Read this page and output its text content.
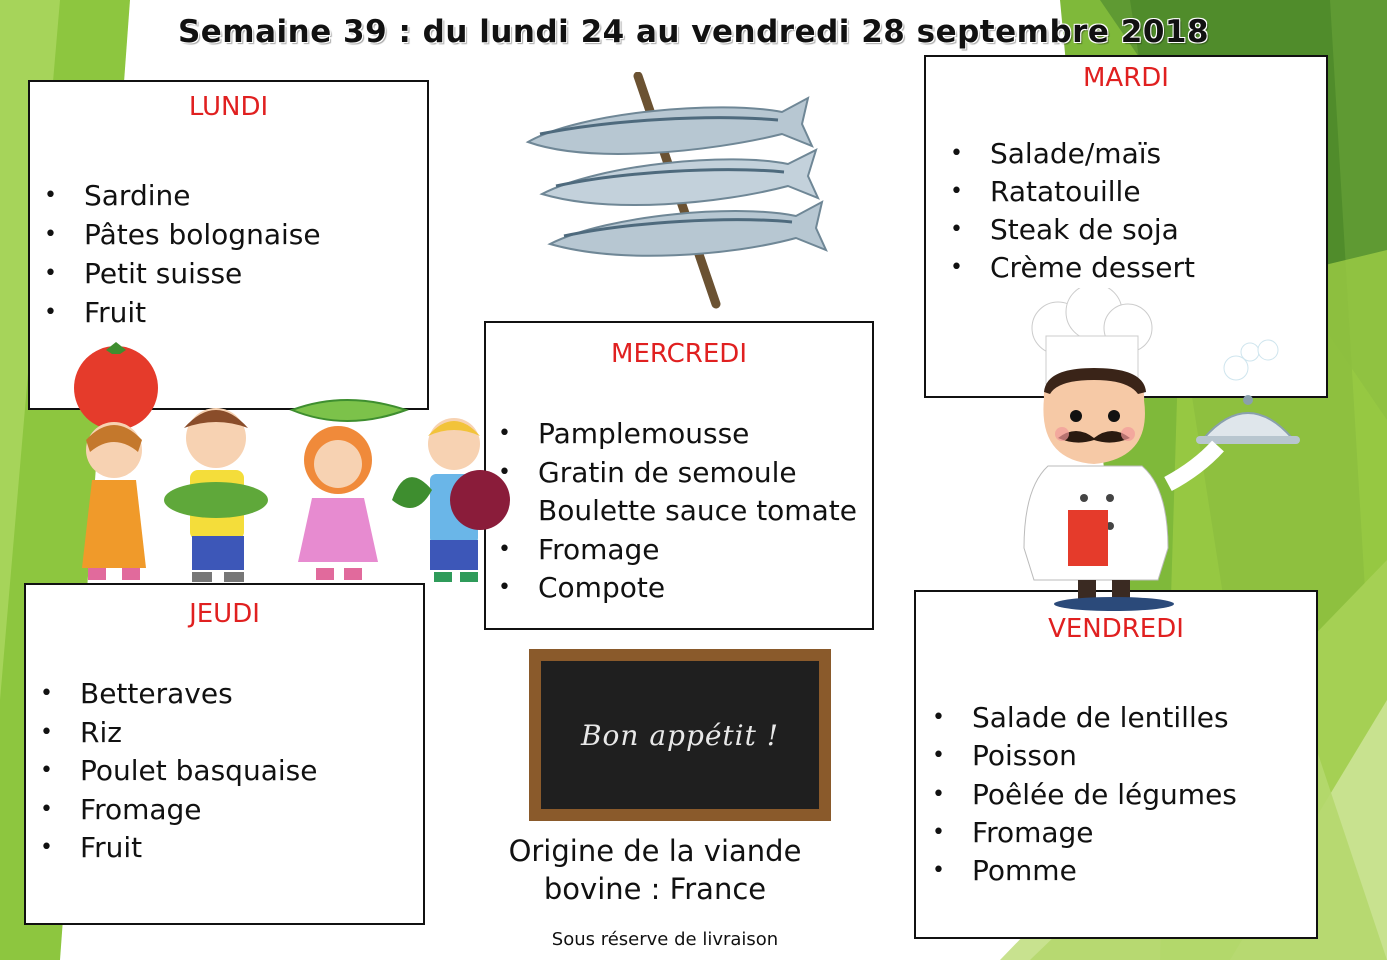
Semaine 39 : du lundi 24 au vendredi 28 septembre 2018
LUNDI
• Sardine
• Pâtes bolognaise
• Petit suisse
• Fruit
MARDI
• Salade/maïs
• Ratatouille
• Steak de soja
• Crème dessert
MERCREDI
• Pamplemousse
• Gratin de semoule
• Boulette sauce tomate
• Fromage
• Compote
JEUDI
• Betteraves
• Riz
• Poulet basquaise
• Fromage
• Fruit
VENDREDI
• Salade de lentilles
• Poisson
• Poêlée de légumes
• Fromage
• Pomme
Bon appétit !
Origine de la viande
bovine : France
Sous réserve de livraison
